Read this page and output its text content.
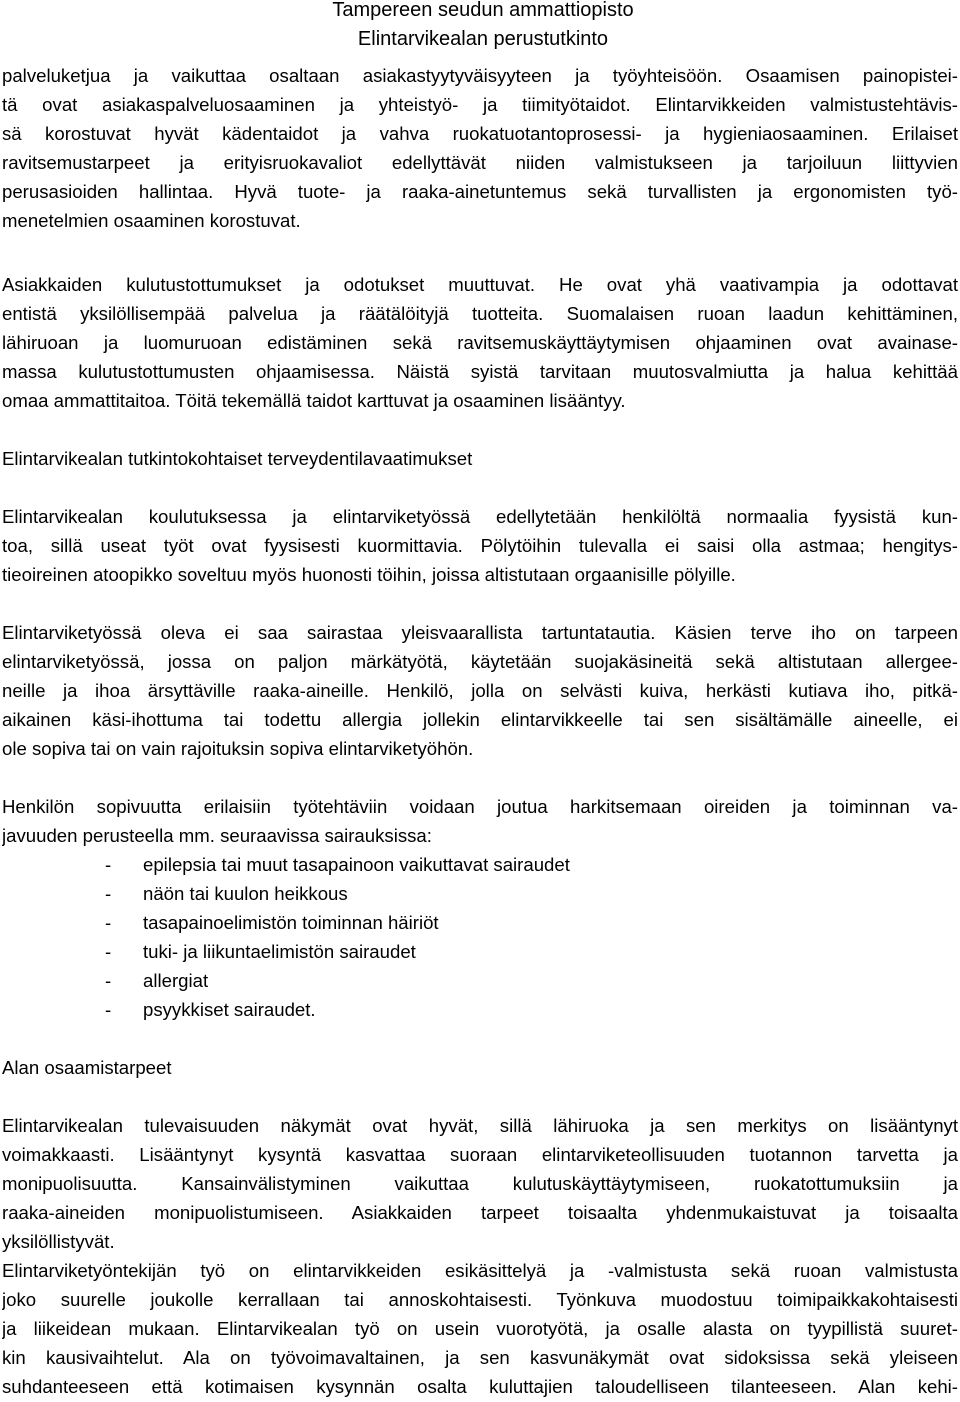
Tampereen seudun ammattiopisto
Elintarvikealan perustutkinto
palveluketjua ja vaikuttaa osaltaan asiakastyytyväisyyteen ja työyhteisöön. Osaamisen painopistei-
tä ovat asiakaspalveluosaaminen ja yhteistyö- ja tiimityötaidot. Elintarvikkeiden valmistustehtävis-
sä korostuvat hyvät kädentaidot ja vahva ruokatuotantoprosessi- ja hygieniaosaaminen. Erilaiset
ravitsemustarpeet ja erityisruokavaliot edellyttävät niiden valmistukseen ja tarjoiluun liittyvien
perusasioiden hallintaa. Hyvä tuote- ja raaka-ainetuntemus sekä turvallisten ja ergonomisten työ-
menetelmien osaaminen korostuvat.
Asiakkaiden kulutustottumukset ja odotukset muuttuvat. He ovat yhä vaativampia ja odottavat
entistä yksilöllisempää palvelua ja räätälöityjä tuotteita. Suomalaisen ruoan laadun kehittäminen,
lähiruoan ja luomuruoan edistäminen sekä ravitsemuskäyttäytymisen ohjaaminen ovat avainase-
massa kulutustottumusten ohjaamisessa. Näistä syistä tarvitaan muutosvalmiutta ja halua kehittää
omaa ammattitaitoa. Töitä tekemällä taidot karttuvat ja osaaminen lisääntyy.
Elintarvikealan tutkintokohtaiset terveydentilavaatimukset
Elintarvikealan koulutuksessa ja elintarviketyössä edellytetään henkilöltä normaalia fyysistä kun-
toa, sillä useat työt ovat fyysisesti kuormittavia. Pölytöihin tulevalla ei saisi olla astmaa; hengitys-
tieoireinen atoopikko soveltuu myös huonosti töihin, joissa altistutaan orgaanisille pölyille.
Elintarviketyössä oleva ei saa sairastaa yleisvaarallista tartuntatautia. Käsien terve iho on tarpeen
elintarviketyössä, jossa on paljon märkätyötä, käytetään suojakäsineitä sekä altistutaan allergee-
neille ja ihoa ärsyttäville raaka-aineille. Henkilö, jolla on selvästi kuiva, herkästi kutiava iho, pitkä-
aikainen käsi-ihottuma tai todettu allergia jollekin elintarvikkeelle tai sen sisältämälle aineelle, ei
ole sopiva tai on vain rajoituksin sopiva elintarviketyöhön.
Henkilön sopivuutta erilaisiin työtehtäviin voidaan joutua harkitsemaan oireiden ja toiminnan va-
javuuden perusteella mm. seuraavissa sairauksissa:
- epilepsia tai muut tasapainoon vaikuttavat sairaudet
- näön tai kuulon heikkous
- tasapainoelimistön toiminnan häiriöt
- tuki- ja liikuntaelimistön sairaudet
- allergiat
- psyykkiset sairaudet.
Alan osaamistarpeet
Elintarvikealan tulevaisuuden näkymät ovat hyvät, sillä lähiruoka ja sen merkitys on lisääntynyt
voimakkaasti. Lisääntynyt kysyntä kasvattaa suoraan elintarviketeollisuuden tuotannon tarvetta ja
monipuolisuutta. Kansainvälistyminen vaikuttaa kulutuskäyttäytymiseen, ruokatottumuksiin ja
raaka-aineiden monipuolistumiseen. Asiakkaiden tarpeet toisaalta yhdenmukaistuvat ja toisaalta
yksilöllistyvät.
Elintarviketyöntekijän työ on elintarvikkeiden esikäsittelyä ja -valmistusta sekä ruoan valmistusta
joko suurelle joukolle kerrallaan tai annoskohtaisesti. Työnkuva muodostuu toimipaikkakohtaisesti
ja liikeidean mukaan. Elintarvikealan työ on usein vuorotyötä, ja osalle alasta on tyypillistä suuret-
kin kausivaihtelut. Ala on työvoimavaltainen, ja sen kasvunäkymät ovat sidoksissa sekä yleiseen
suhdanteeseen että kotimaisen kysynnän osalta kuluttajien taloudelliseen tilanteeseen. Alan kehi-
